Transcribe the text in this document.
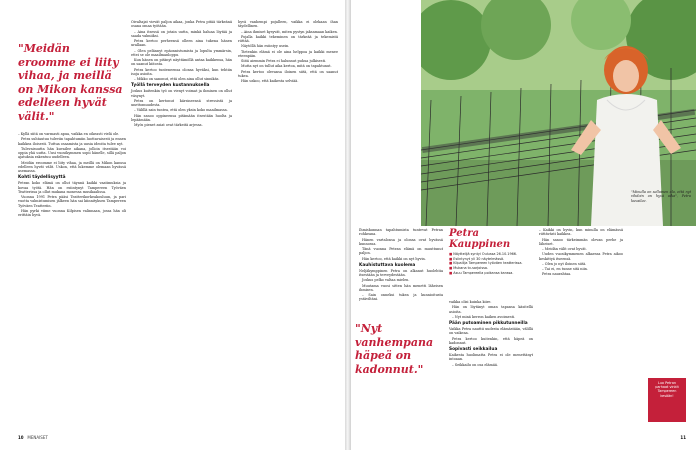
"Meidän eroomme ei liity vihaa, ja meillä on Mikon kanssa edelleen hyvät välit."

– Kyllä siitä on varmasti apua, vaikka en oikeasti vielä ole.

Petra suhtautuu tuleviin tapahtumiin luottavaisesti ja ennen kaikkea iloisesti. Tuttua osaamista ja uusia ideoita tulee nyt.

Tulevaisuutta hän kuvailee aikana, jolloin itsestään voi oppia yhä uutta. Uusi vuosikymmen sopii hänelle, sillä paljon ajatuksia rakentuu uudelleen.

Meidän eroomme ei liity vihaa, ja meillä on Mikon kanssa edelleen hyvät välit. Uskon, että lukemme olemaan hyvässä asemassa.

Kohti täydellisyyttä

Petran koko elämä on ollut täynnä kaikki vaatimuksia ja kovaa työtä. Hän on esiintynyt Tampereen Työväen Teatterissa ja ollut mukana monessa musikaalissa.

Vuonna 1991 Petra pääsi Teatterikorkeakouluun, ja pari vuotta valmistumisen jälkeen hän sai kiinnityksen Tampereen Työväen Teatteriin.

Hän pyrki viime vuonna Kilpisen valinnaan, jossa hän oli erittäin hyvä.

Oivaltajat vievät paljon aikaa, jonka Petra pitää tärkeänä osana omaa työtään.

– Aina itsessä on jotain uutta, minkä haluaa löytää ja saada valmiiksi.

Petra kertoo perheensä olleen aina tukena hänen urallaan.

– Olen pelännyt epäonnistumista ja lopulta ymmärsin, ettei se ole maailmanloppu.

Kun hänen on pitänyt näyttämöllä antaa kaikkensa, hän on saanut kiitosta.

Petra kertoo tunteneensa olonsa hyväksi, kun tehtiin isoja asioita.

– Mikko on sanonut, että olen aina ollut sinnikäs.

Työllä terveyden kustannuksella

Joskus kuitenkin työ on vienyt voimat ja ihminen on ollut väsynyt.

Petra on kertonut kärsineensä stressistä ja unettomuudesta.

– Välillä sain tuntea, että olen yksin koko maailmassa.

Hän sanoo oppineensa pitämään itsestään huolta ja lepäämään.

Myös pienet asiat ovat tärkeitä arjessa.

hyvä vanhempi pojalleen, vaikka ei olekaan ihan täydellinen.

– Aina ihmiset kysyvät, miten pystyn jaksamaan kaiken.

Pojalla kaikki tekeminen on tärkeää ja tekemistä riittää.

Näytöllä hän esiintyy usein.

Tietenkin elämä ei ole aina helppoa ja kaikki menee eteenpäin.

Siitä aiemmin Petra ei halunnut puhua julkisesti.

Mutta nyt on tullut aika kertoa, mitä on tapahtunut.

Petra kertoo olevansa iloinen siitä, että on saanut tukea.

Hän uskoo, että kaikesta selviää.

10 MENAISET

Ihmiskunnan tapahtumista tuntevat Petran rohkeana.

Hänen vartalonsa ja olonsa ovat hyvässä kunnossa.

Tänä vuonna Petran elämä on muuttunut paljon.

Hän kertoo, että kaikki on nyt hyvin.

Kauhistuttava kuolema

Neljäkymppinen Petra on alkanut huolehtia itsestään ja terveydestään.

Joskus pelko valtaa mielen.

Muutama vuosi sitten hän menetti läheisen ihmisen.

– Sain onneksi tukea ja kunnioitusta ystäviltäni.

"Nyt vanhempana häpeä on kadonnut."
Petra Kauppinen
■ Näyttelijä syntyi Oulussa 26.10.1966.
■ Esiintynyt yli 30 näytelmässä.
■ Kilpailija Tampereen työväen teatterissa.
■ Mukana tv-sarjoissa.
■ Asuu Tampereella poikansa kanssa.

vaikka olisi kuinka kiire.

Hän on löytänyt oman tapansa käsitellä asioita.

– Nyt minä kerron kaiken avoimesti.

Pään putoaminen pikkutunneilla

Vaikka Petra nauttii uudesta elämästään, välillä on vaikeaa.

Petra kertoo kuitenkin, että häpeä on kadonnut.

Sopivasti seikkailua

Kaikesta huolimatta Petra ei ole menettänyt intoaan.

– Seikkailu on osa elämää.

– Kaikki on hyvin, kun minulla on elämässä riittävästi kaikkea.

Hän sanoo tärkeimmän olevan perhe ja läheiset.

– Meidän välit ovat hyvät.

Uuden vuosikymmenen alkaessa Petra aikoo keskittyä itseensä.

– Olen jo nyt iloinen siitä.

– Tai ei, en tunne sitä niin.

Petra naurahtaa.

"Minulla on sellainen olo, että nyt vihdoin on hyvä aika", Petra kuvailee.

Luo Petran parhaat vinkit Tampereen kesään!
11
